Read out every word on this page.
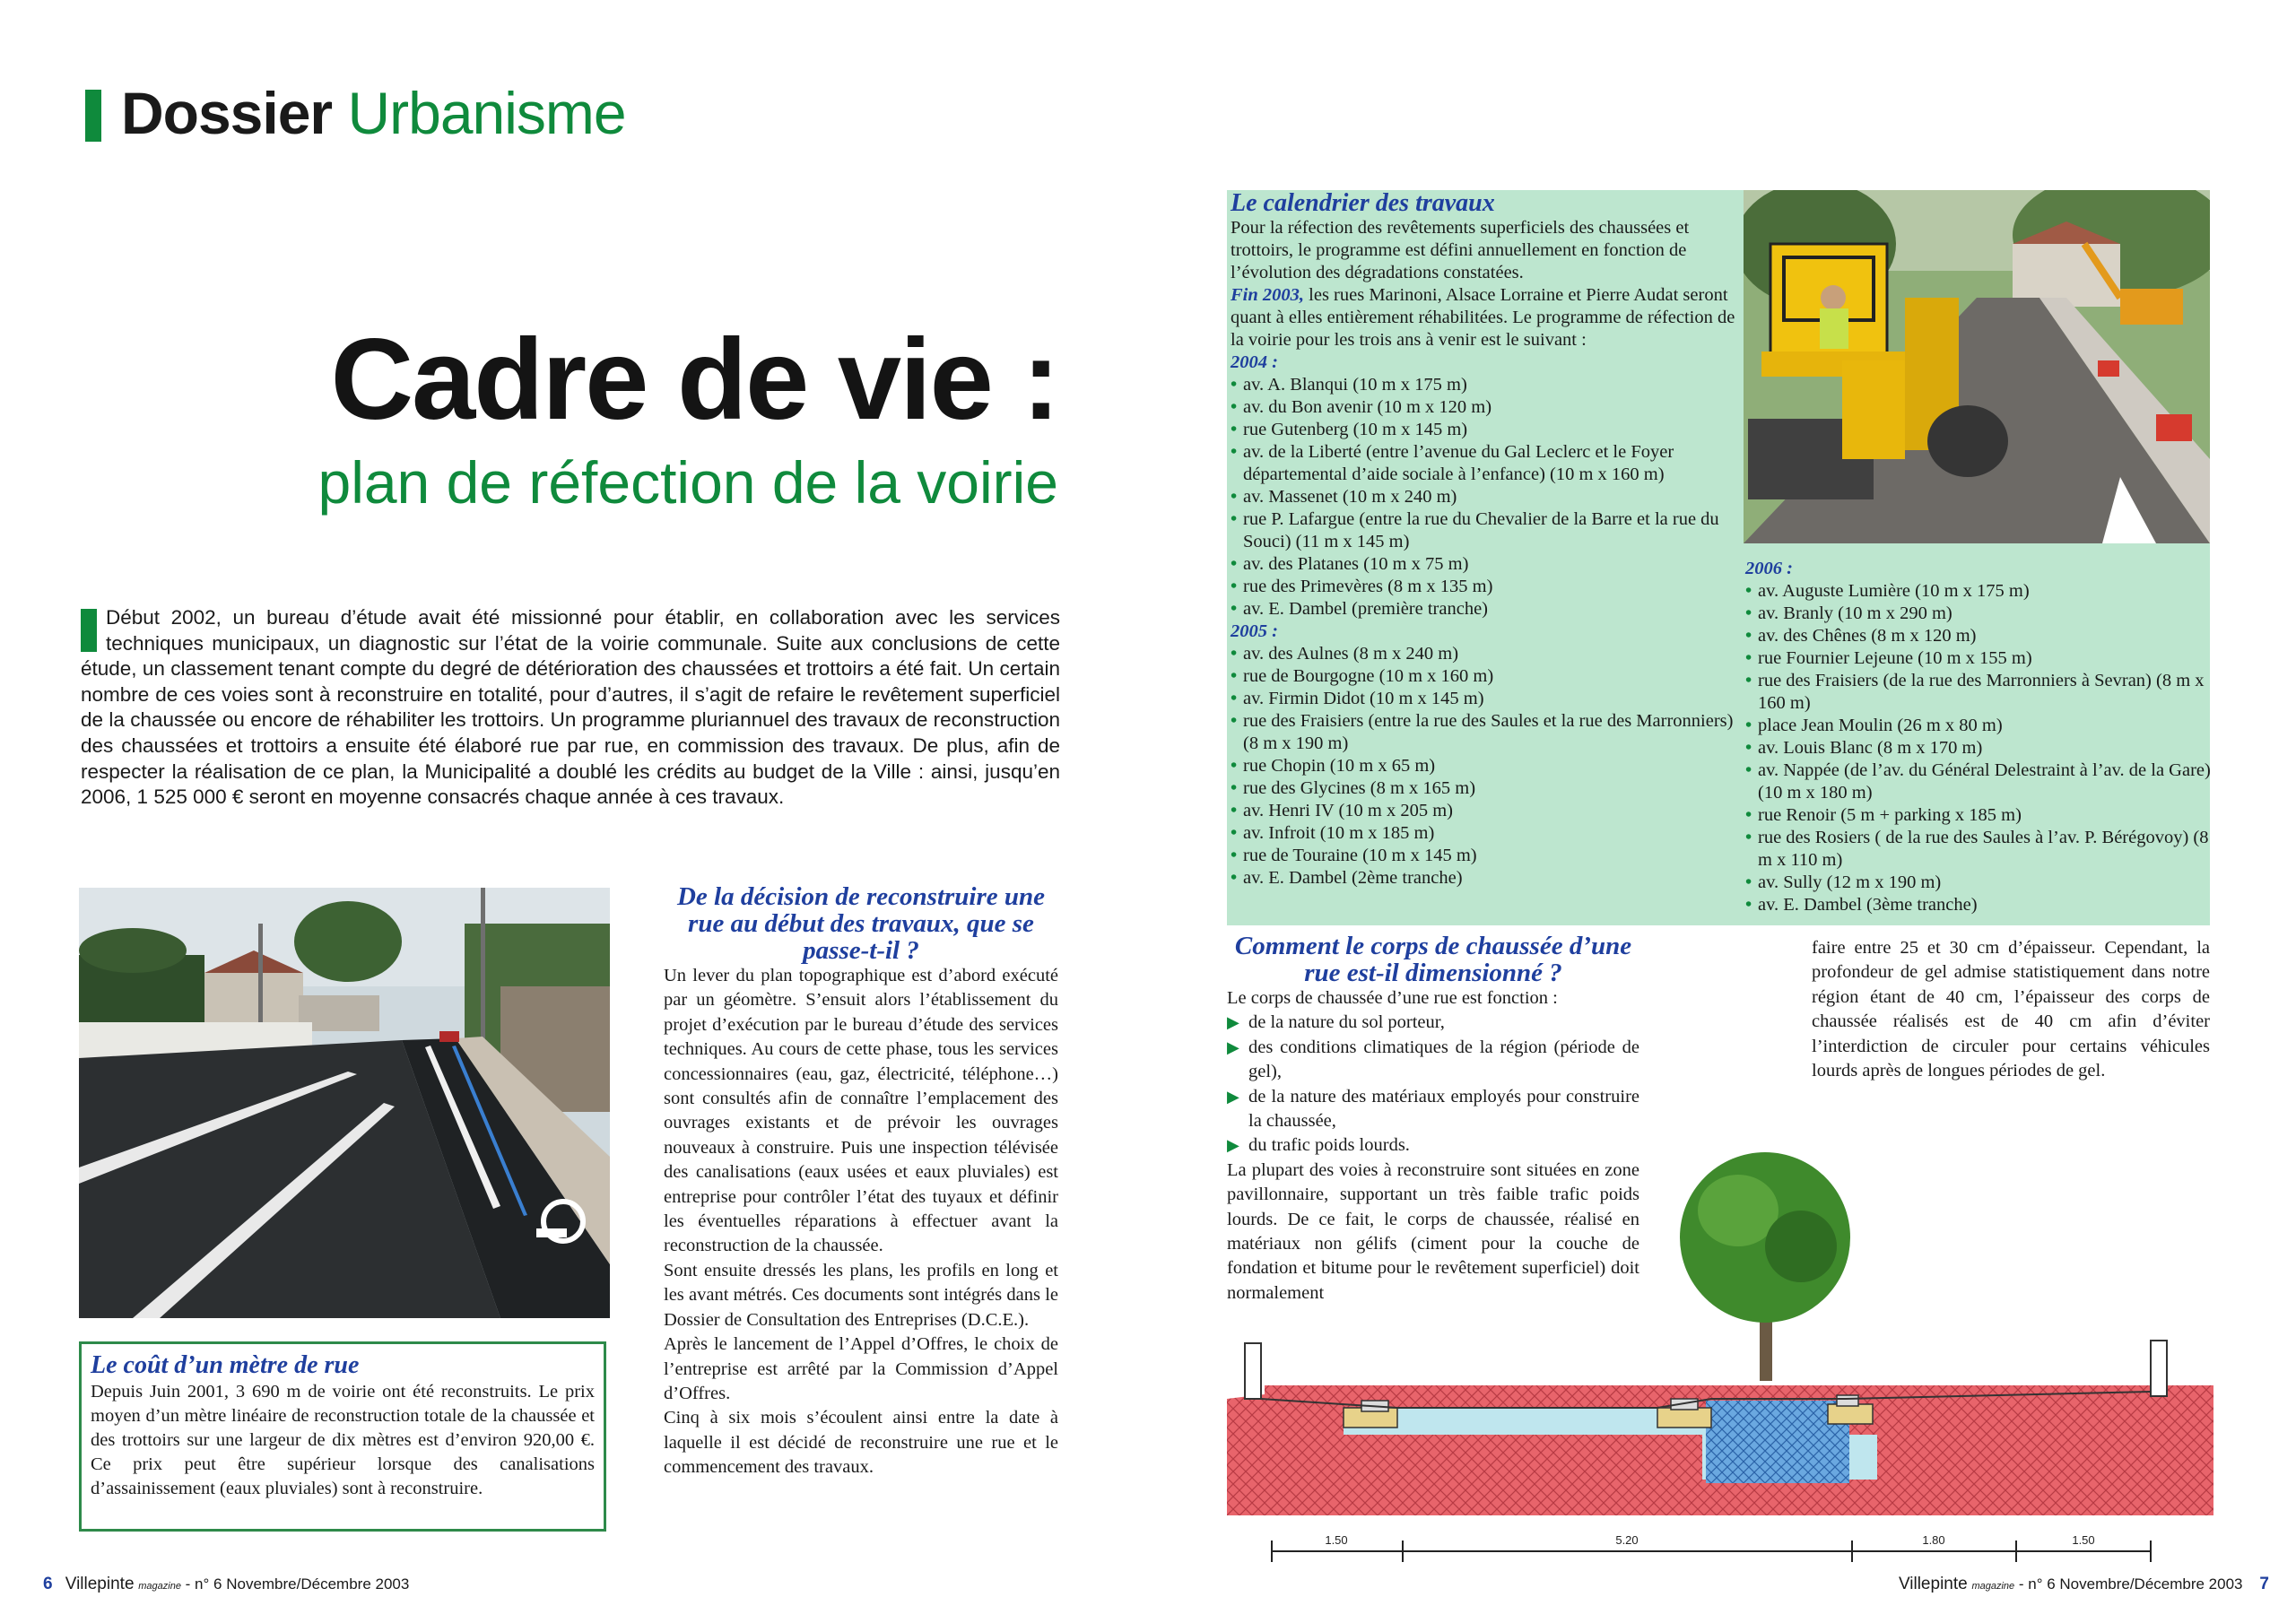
Dossier Urbanisme
Cadre de vie :
plan de réfection de la voirie
Début 2002, un bureau d’étude avait été missionné pour établir, en collaboration avec les services techniques municipaux, un diagnostic sur l’état de la voirie communale. Suite aux conclusions de cette étude, un classement tenant compte du degré de détérioration des chaussées et trottoirs a été fait. Un certain nombre de ces voies sont à reconstruire en totalité, pour d’autres, il s’agit de refaire le revêtement superficiel de la chaussée ou encore de réhabiliter les trottoirs. Un programme pluriannuel des travaux de reconstruction des chaussées et trottoirs a ensuite été élaboré rue par rue, en commission des travaux. De plus, afin de respecter la réalisation de ce plan, la Municipalité a doublé les crédits au budget de la Ville : ainsi, jusqu’en 2006, 1 525 000 € seront en moyenne consacrés chaque année à ces travaux.
Le coût d’un mètre de rue
Depuis Juin 2001, 3 690 m de voirie ont été reconstruits. Le prix moyen d’un mètre linéaire de reconstruction totale de la chaussée et des trottoirs sur une largeur de dix mètres est d’environ 920,00 €. Ce prix peut être supérieur lorsque des canalisations d’assainissement (eaux pluviales) sont à reconstruire.
De la décision de reconstruire une rue au début des travaux, que se passe-t-il ?

Un lever du plan topographique est d’abord exécuté par un géomètre. S’ensuit alors l’établissement du projet d’exécution par le bureau d’étude des services techniques. Au cours de cette phase, tous les services concessionnaires (eau, gaz, électricité, téléphone…) sont consultés afin de connaître l’emplacement des ouvrages existants et de prévoir les ouvrages nouveaux à construire. Puis une inspection télévisée des canalisations (eaux usées et eaux pluviales) est entreprise pour contrôler l’état des tuyaux et définir les éventuelles réparations à effectuer avant la reconstruction de la chaussée.

Sont ensuite dressés les plans, les profils en long et les avant métrés. Ces documents sont intégrés dans le Dossier de Consultation des Entreprises (D.C.E.).

Après le lancement de l’Appel d’Offres, le choix de l’entreprise est arrêté par la Commission d’Appel d’Offres.

Cinq à six mois s’écoulent ainsi entre la date à laquelle il est décidé de reconstruire une rue et le commencement des travaux.

6 Villepinte magazine - n° 6 Novembre/Décembre 2003
Le calendrier des travaux

Pour la réfection des revêtements superficiels des chaussées et trottoirs, le programme est défini annuellement en fonction de l’évolution des dégradations constatées.

Fin 2003, les rues Marinoni, Alsace Lorraine et Pierre Audat seront quant à elles entièrement réhabilitées. Le programme de réfection de la voirie pour les trois ans à venir est le suivant :

2004 :
• av. A. Blanqui (10 m x 175 m)
• av. du Bon avenir (10 m x 120 m)
• rue Gutenberg (10 m x 145 m)
• av. de la Liberté (entre l’avenue du Gal Leclerc et le Foyer départemental d’aide sociale à l’enfance) (10 m x 160 m)
• av. Massenet (10 m x 240 m)
• rue P. Lafargue (entre la rue du Chevalier de la Barre et la rue du Souci) (11 m x 145 m)
• av. des Platanes (10 m x 75 m)
• rue des Primevères (8 m x 135 m)
• av. E. Dambel (première tranche)
2005 :
• av. des Aulnes (8 m x 240 m)
• rue de Bourgogne (10 m x 160 m)
• av. Firmin Didot (10 m x 145 m)
• rue des Fraisiers (entre la rue des Saules et la rue des Marronniers) (8 m x 190 m)
• rue Chopin (10 m x 65 m)
• rue des Glycines (8 m x 165 m)
• av. Henri IV (10 m x 205 m)
• av. Infroit (10 m x 185 m)
• rue de Touraine (10 m x 145 m)
• av. E. Dambel (2ème tranche)
2006 :
• av. Auguste Lumière (10 m x 175 m)
• av. Branly (10 m x 290 m)
• av. des Chênes (8 m x 120 m)
• rue Fournier Lejeune (10 m x 155 m)
• rue des Fraisiers (de la rue des Marronniers à Sevran) (8 m x 160 m)
• place Jean Moulin (26 m x 80 m)
• av. Louis Blanc (8 m x 170 m)
• av. Nappée (de l’av. du Général Delestraint à l’av. de la Gare) (10 m x 180 m)
• rue Renoir (5 m + parking x 185 m)
• rue des Rosiers ( de la rue des Saules à l’av. P. Bérégovoy) (8 m x 110 m)
• av. Sully (12 m x 190 m)
• av. E. Dambel (3ème tranche)
Comment le corps de chaussée d’une rue est-il dimensionné ?

Le corps de chaussée d’une rue est fonction :

▶ de la nature du sol porteur,
▶ des conditions climatiques de la région (période de gel),
▶ de la nature des matériaux employés pour construire la chaussée,
▶ du trafic poids lourds.

La plupart des voies à reconstruire sont situées en zone pavillonnaire, supportant un très faible trafic poids lourds. De ce fait, le corps de chaussée, réalisé en matériaux non gélifs (ciment pour la couche de fondation et bitume pour le revêtement superficiel) doit normalement

faire entre 25 et 30 cm d’épaisseur. Cependant, la profondeur de gel admise statistiquement dans notre région étant de 40 cm, l’épaisseur des corps de chaussée réalisés est de 40 cm afin d’éviter l’interdiction de circuler pour certains véhicules lourds après de longues périodes de gel.
1.50	5.20	1.80	1.50
Villepinte magazine - n° 6 Novembre/Décembre 2003 7
